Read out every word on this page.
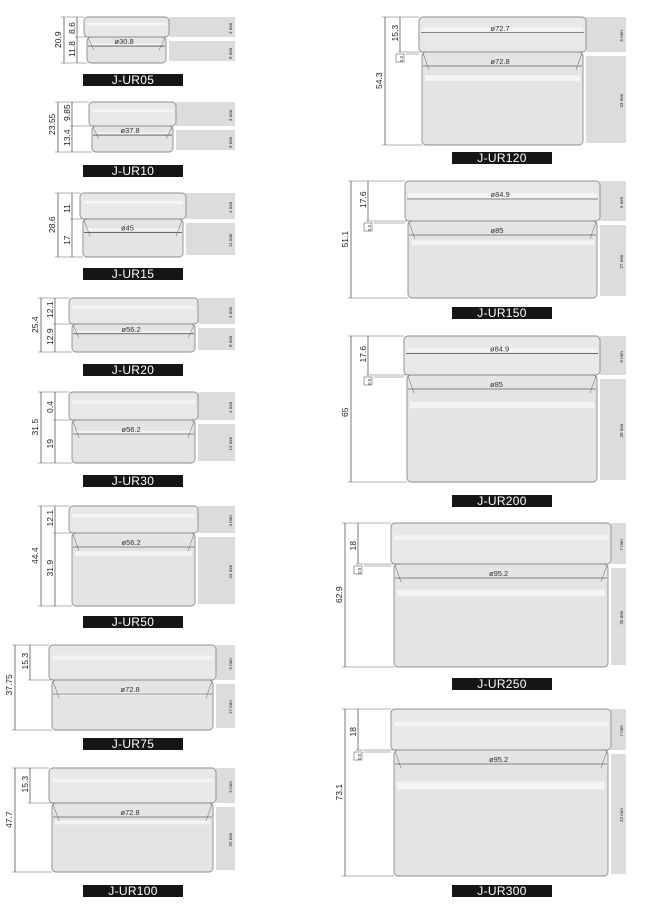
ø30.8
20.9
8.6
11.8
3 mm
8 mm
J-UR05
ø37.8
23.55
9.85
13.4
3 mm
9 mm
J-UR10
ø45
28.6
11
17
4 mm
11 mm
J-UR15
ø56.2
25.4
12.1
12.9
4 mm
8 mm
J-UR20
ø56.2
31.5
0.4
19
4 mm
13 mm
J-UR30
ø56.2
44.4
12.1
31.9
4 mm
24 mm
J-UR50
ø72.8
37.75
15.3	5 mm
17 mm
J-UR75
ø72.8
47.7
15.3	5 mm
26 mm
J-UR100
ø72.8
ø72.7
54.3
15.3
0.5
5 mm
33 mm
J-UR120
ø85
ø84.9
51.1
17.6
0.5
6 mm
27 mm
J-UR150
ø85
ø84.9
65
17.6
0.5
6 mm
38 mm
J-UR200
ø95.2
62.9
18
0.5
7 mm
35 mm
J-UR250
ø95.2
73.1
18
0.5
7 mm
43 mm
J-UR300
